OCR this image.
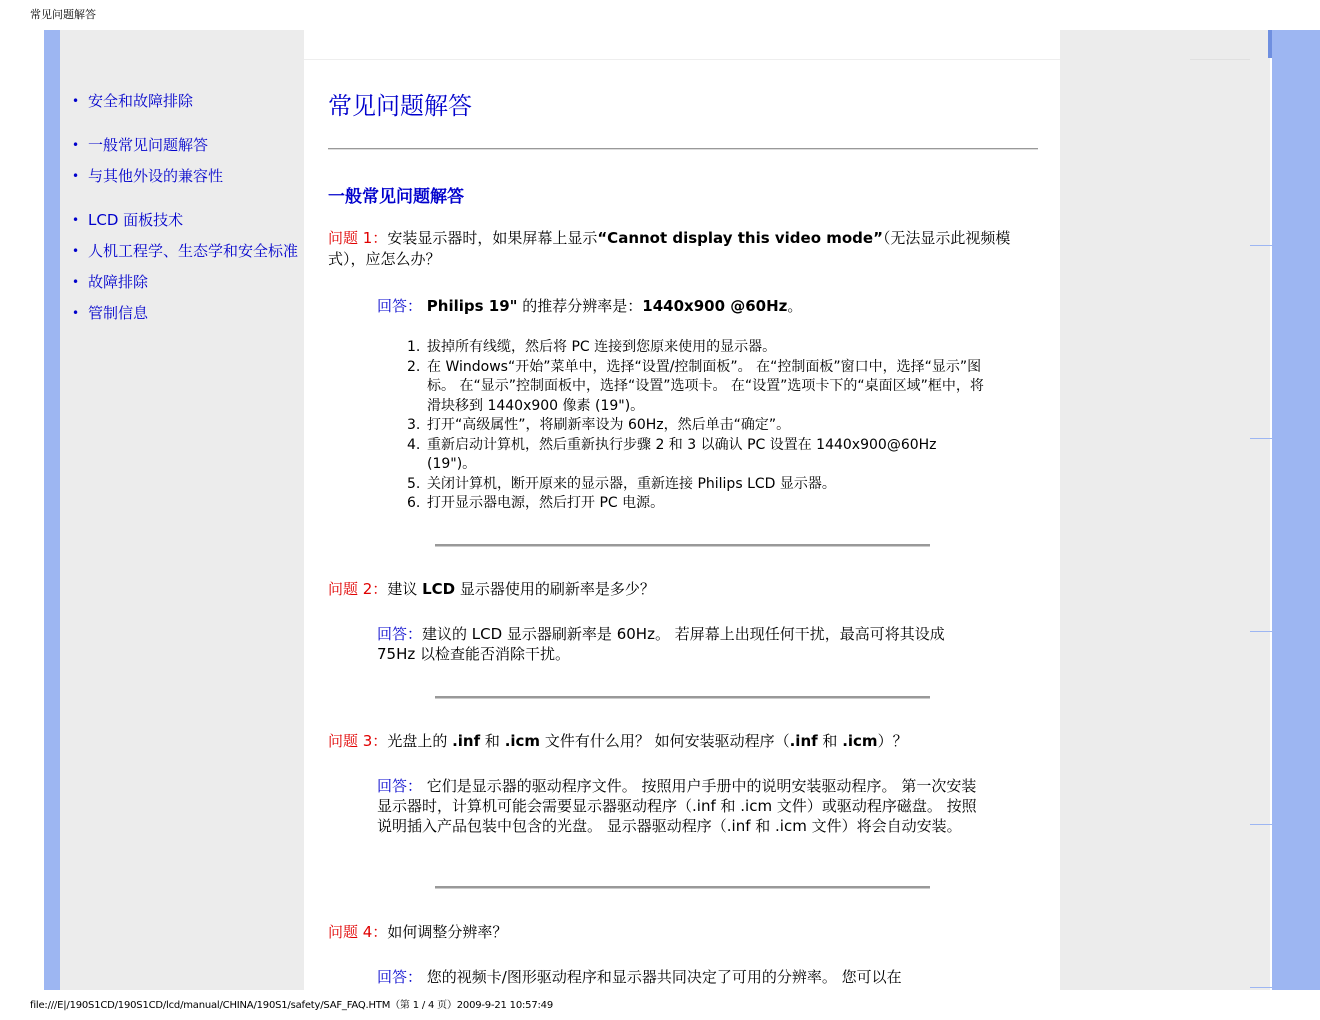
常见问题解答
• 安全和故障排除
• 一般常见问题解答
• 与其他外设的兼容性
• LCD 面板技术
• 人机工程学、生态学和安全标准
• 故障排除
• 管制信息
常见问题解答
一般常见问题解答

问题 1：安装显示器时，如果屏幕上显示“Cannot display this video mode”（无法显示此视频模式），应怎么办？

回答： Philips 19" 的推荐分辨率是：1440x900 @60Hz。

1. 拔掉所有线缆，然后将 PC 连接到您原来使用的显示器。
2. 在 Windows“开始”菜单中，选择“设置/控制面板”。 在“控制面板”窗口中，选择“显示”图标。 在“显示”控制面板中，选择“设置”选项卡。 在“设置”选项卡下的“桌面区域”框中，将滑块移到 1440x900 像素 (19")。
3. 打开“高级属性”，将刷新率设为 60Hz，然后单击“确定”。
4. 重新启动计算机，然后重新执行步骤 2 和 3 以确认 PC 设置在 1440x900@60Hz (19")。
5. 关闭计算机，断开原来的显示器，重新连接 Philips LCD 显示器。
6. 打开显示器电源，然后打开 PC 电源。

问题 2：建议 LCD 显示器使用的刷新率是多少？

回答：建议的 LCD 显示器刷新率是 60Hz。 若屏幕上出现任何干扰，最高可将其设成 75Hz 以检查能否消除干扰。

问题 3：光盘上的 .inf 和 .icm 文件有什么用？ 如何安装驱动程序（.inf 和 .icm）？

回答： 它们是显示器的驱动程序文件。 按照用户手册中的说明安装驱动程序。 第一次安装显示器时，计算机可能会需要显示器驱动程序（.inf 和 .icm 文件）或驱动程序磁盘。 按照说明插入产品包装中包含的光盘。 显示器驱动程序（.inf 和 .icm 文件）将会自动安装。

问题 4：如何调整分辨率？

回答： 您的视频卡/图形驱动程序和显示器共同决定了可用的分辨率。 您可以在

file:///E|/190S1CD/190S1CD/lcd/manual/CHINA/190S1/safety/SAF_FAQ.HTM（第 1 / 4 页）2009-9-21 10:57:49
